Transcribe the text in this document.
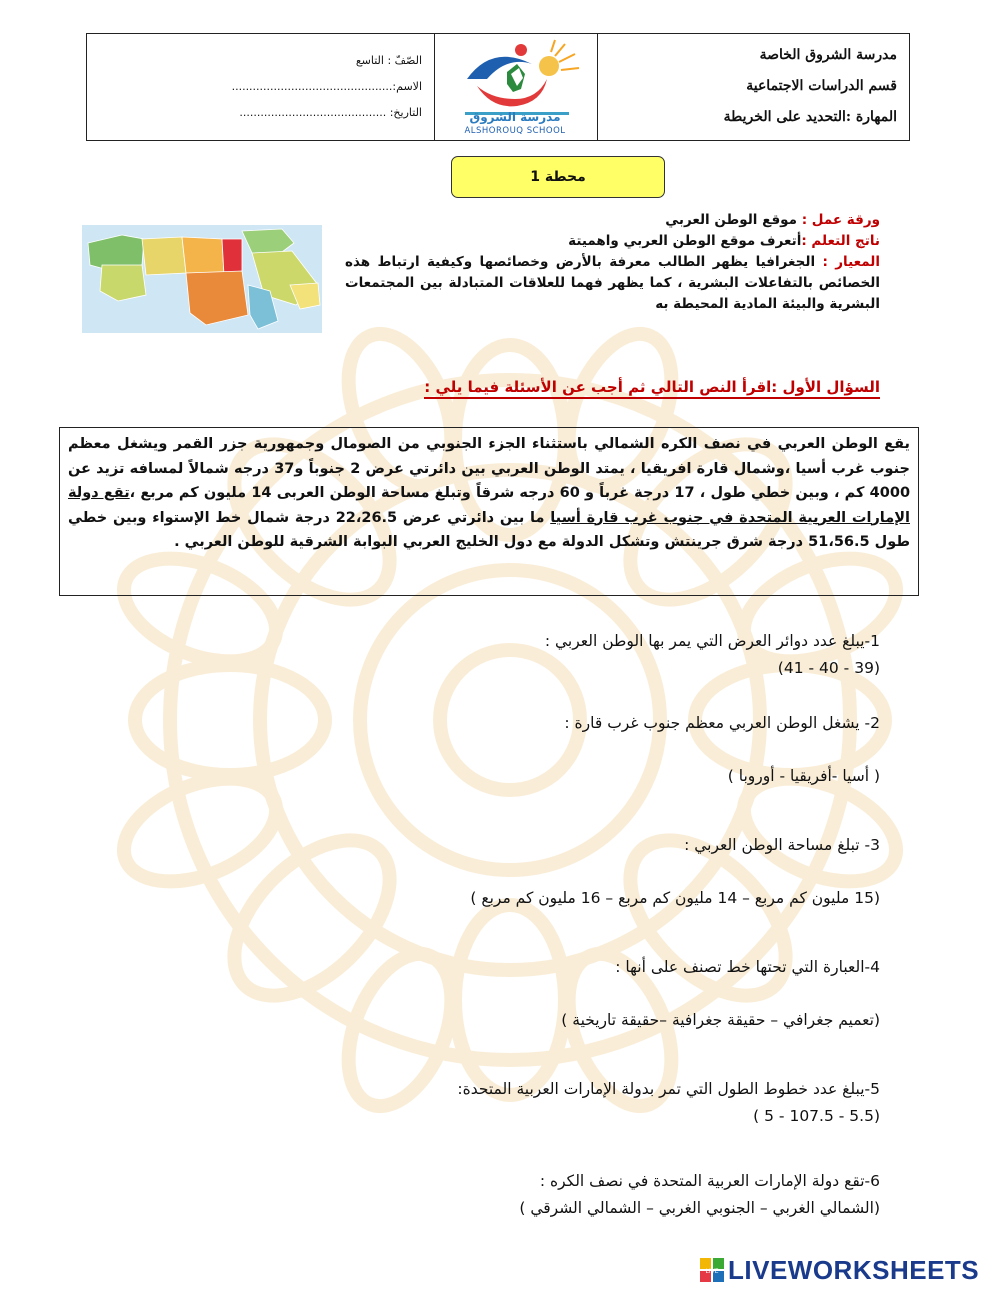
مدرسة الشروق الخاصة
قسم الدراسات الاجتماعية
المهارة :التحديد على الخريطة
مدرسة الشروق
ALSHOROUQ SCHOOL
الصّفّ : التاسع
الاسم:..............................................
التاريخ: ..........................................
محطة 1
ورقة عمل : موقع الوطن العربي
ناتج التعلم :أتعرف موقع الوطن العربي واهميتة
المعيار : الجغرافيا يظهر الطالب معرفة بالأرض وخصائصها وكيفية ارتباط هذه الخصائص بالتفاعلات البشرية ، كما يظهر فهما للعلاقات المتبادلة بين المجتمعات البشرية والبيئة المادية المحيطة به
السؤال الأول :اقرأ النص التالي ثم أجب عن الأسئلة فيما يلي :
يقع الوطن العربي في نصف الكره الشمالي باستثناء الجزء الجنوبي من الصومال وجمهورية جزر القمر ويشغل معظم جنوب غرب أسيا ،وشمال قارة افريقيا ، يمتد الوطن العربي بين دائرتي عرض 2 جنوباً و37 درجه شمالاً لمسافه تزيد عن 4000 كم ، وبين خطي طول ، 17 درجة غرباً و 60 درجه شرقاً وتبلغ مساحة الوطن العربى 14 مليون كم مربع ،تقع دولة الإمارات العربية المتحدة في جنوب غرب قارة أسيا ما بين دائرتي عرض 22،26.5 درجة شمال خط الإستواء وبين خطي طول 51،56.5 درجة شرق جرينتش وتشكل الدولة مع دول الخليج العربي البوابة الشرقية للوطن العربي .

1-يبلغ عدد دوائر العرض التي يمر بها الوطن العربي :

(39 - 40 - 41)

2- يشغل الوطن العربي معظم جنوب غرب قارة :

( أسيا -أفريقيا - أوروبا )

3- تبلغ مساحة الوطن العربي :

(15 مليون كم مربع – 14 مليون كم مربع – 16 مليون كم مربع )

4-العبارة التي تحتها خط تصنف على أنها :

(تعميم جغرافي – حقيقة جغرافية –حقيقة تاريخية )

5-يبلغ عدد خطوط الطول التي تمر بدولة الإمارات العربية المتحدة:

(5.5 - 107.5 - 5 )

6-تقع دولة الإمارات العربية المتحدة في نصف الكره :

(الشمالي الغربي – الجنوبي الغربي – الشمالي الشرقي )

LIVE LIVEWORKSHEETS
